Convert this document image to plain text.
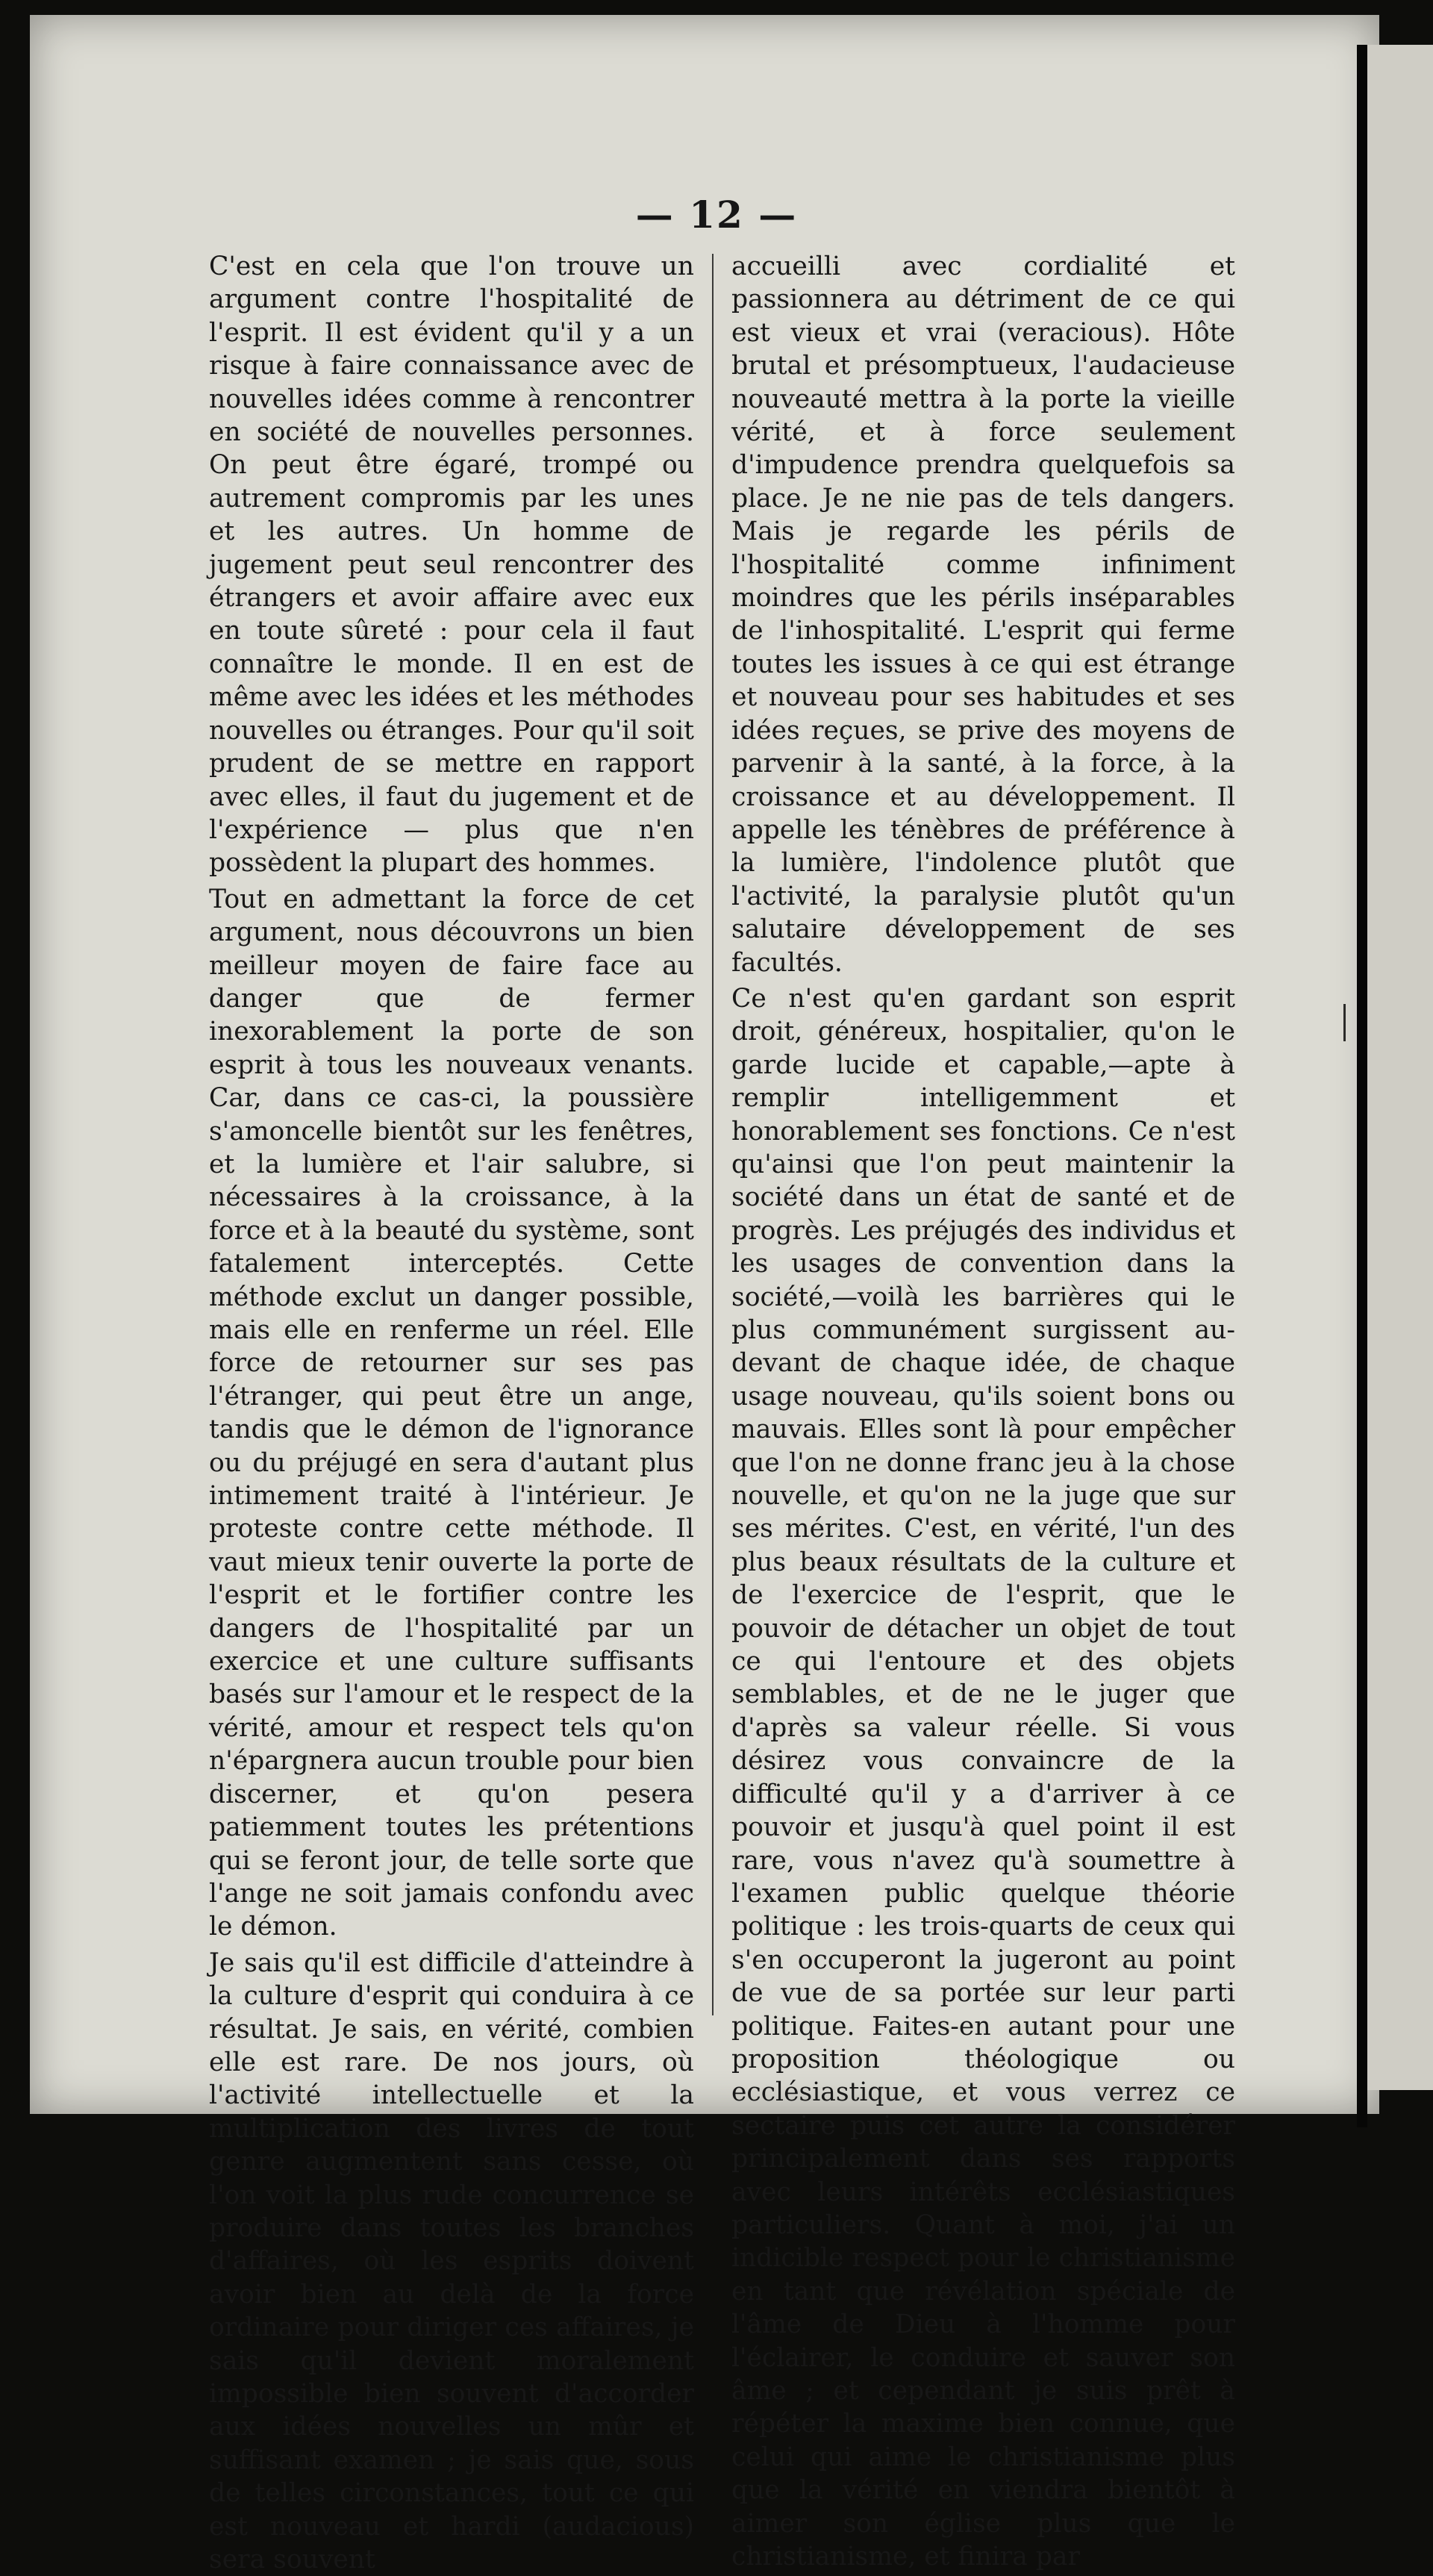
— 12 —

C'est en cela que l'on trouve un argument contre l'hospitalité de l'esprit. Il est évident qu'il y a un risque à faire connaissance avec de nouvelles idées comme à rencontrer en société de nouvelles personnes. On peut être égaré, trompé ou autrement compromis par les unes et les autres. Un homme de jugement peut seul rencontrer des étrangers et avoir affaire avec eux en toute sûreté : pour cela il faut connaître le monde. Il en est de même avec les idées et les méthodes nouvelles ou étranges. Pour qu'il soit prudent de se mettre en rapport avec elles, il faut du jugement et de l'expérience — plus que n'en possèdent la plupart des hommes.

Tout en admettant la force de cet argument, nous découvrons un bien meilleur moyen de faire face au danger que de fermer inexorablement la porte de son esprit à tous les nouveaux venants. Car, dans ce cas-ci, la poussière s'amoncelle bientôt sur les fenêtres, et la lumière et l'air salubre, si nécessaires à la croissance, à la force et à la beauté du système, sont fatalement interceptés. Cette méthode exclut un danger possible, mais elle en renferme un réel. Elle force de retourner sur ses pas l'étranger, qui peut être un ange, tandis que le démon de l'ignorance ou du préjugé en sera d'autant plus intimement traité à l'intérieur. Je proteste contre cette méthode. Il vaut mieux tenir ouverte la porte de l'esprit et le fortifier contre les dangers de l'hospitalité par un exercice et une culture suffisants basés sur l'amour et le respect de la vérité, amour et respect tels qu'on n'épargnera aucun trouble pour bien discerner, et qu'on pesera patiemment toutes les prétentions qui se feront jour, de telle sorte que l'ange ne soit jamais confondu avec le démon.

Je sais qu'il est difficile d'atteindre à la culture d'esprit qui conduira à ce résultat. Je sais, en vérité, combien elle est rare. De nos jours, où l'activité intellectuelle et la multiplication des livres de tout genre augmentent sans cesse, où l'on voit la plus rude concurrence se produire dans toutes les branches d'affaires, où les esprits doivent avoir bien au delà de la force ordinaire pour diriger ces affaires, je sais qu'il devient moralement impossible bien souvent d'accorder aux idées nouvelles un mûr et suffisant examen ; je sais que, sous de telles circonstances, tout ce qui est nouveau et hardi (audacious) sera souvent

accueilli avec cordialité et passionnera au détriment de ce qui est vieux et vrai (veracious). Hôte brutal et présomptueux, l'audacieuse nouveauté mettra à la porte la vieille vérité, et à force seulement d'impudence prendra quelquefois sa place. Je ne nie pas de tels dangers. Mais je regarde les périls de l'hospitalité comme infiniment moindres que les périls inséparables de l'inhospitalité. L'esprit qui ferme toutes les issues à ce qui est étrange et nouveau pour ses habitudes et ses idées reçues, se prive des moyens de parvenir à la santé, à la force, à la croissance et au développement. Il appelle les ténèbres de préférence à la lumière, l'indolence plutôt que l'activité, la paralysie plutôt qu'un salutaire développement de ses facultés.

Ce n'est qu'en gardant son esprit droit, généreux, hospitalier, qu'on le garde lucide et capable,—apte à remplir intelligemment et honorablement ses fonctions. Ce n'est qu'ainsi que l'on peut maintenir la société dans un état de santé et de progrès. Les préjugés des individus et les usages de convention dans la société,—voilà les barrières qui le plus communément surgissent au-devant de chaque idée, de chaque usage nouveau, qu'ils soient bons ou mauvais. Elles sont là pour empêcher que l'on ne donne franc jeu à la chose nouvelle, et qu'on ne la juge que sur ses mérites. C'est, en vérité, l'un des plus beaux résultats de la culture et de l'exercice de l'esprit, que le pouvoir de détacher un objet de tout ce qui l'entoure et des objets semblables, et de ne le juger que d'après sa valeur réelle. Si vous désirez vous convaincre de la difficulté qu'il y a d'arriver à ce pouvoir et jusqu'à quel point il est rare, vous n'avez qu'à soumettre à l'examen public quelque théorie politique : les trois-quarts de ceux qui s'en occuperont la jugeront au point de vue de sa portée sur leur parti politique. Faites-en autant pour une proposition théologique ou ecclésiastique, et vous verrez ce sectaire puis cet autre la considérer principalement dans ses rapports avec leurs intérêts ecclésiastiques particuliers. Quant à moi, j'ai un indicible respect pour le christianisme en tant que révélation spéciale de l'âme de Dieu à l'homme pour l'éclairer, le conduire et sauver son âme ; et cependant je suis prêt à répéter la maxime bien connue, que celui qui aime le christianisme plus que la vérité en viendra bientôt à aimer son église plus que le christianisme, et finira par
